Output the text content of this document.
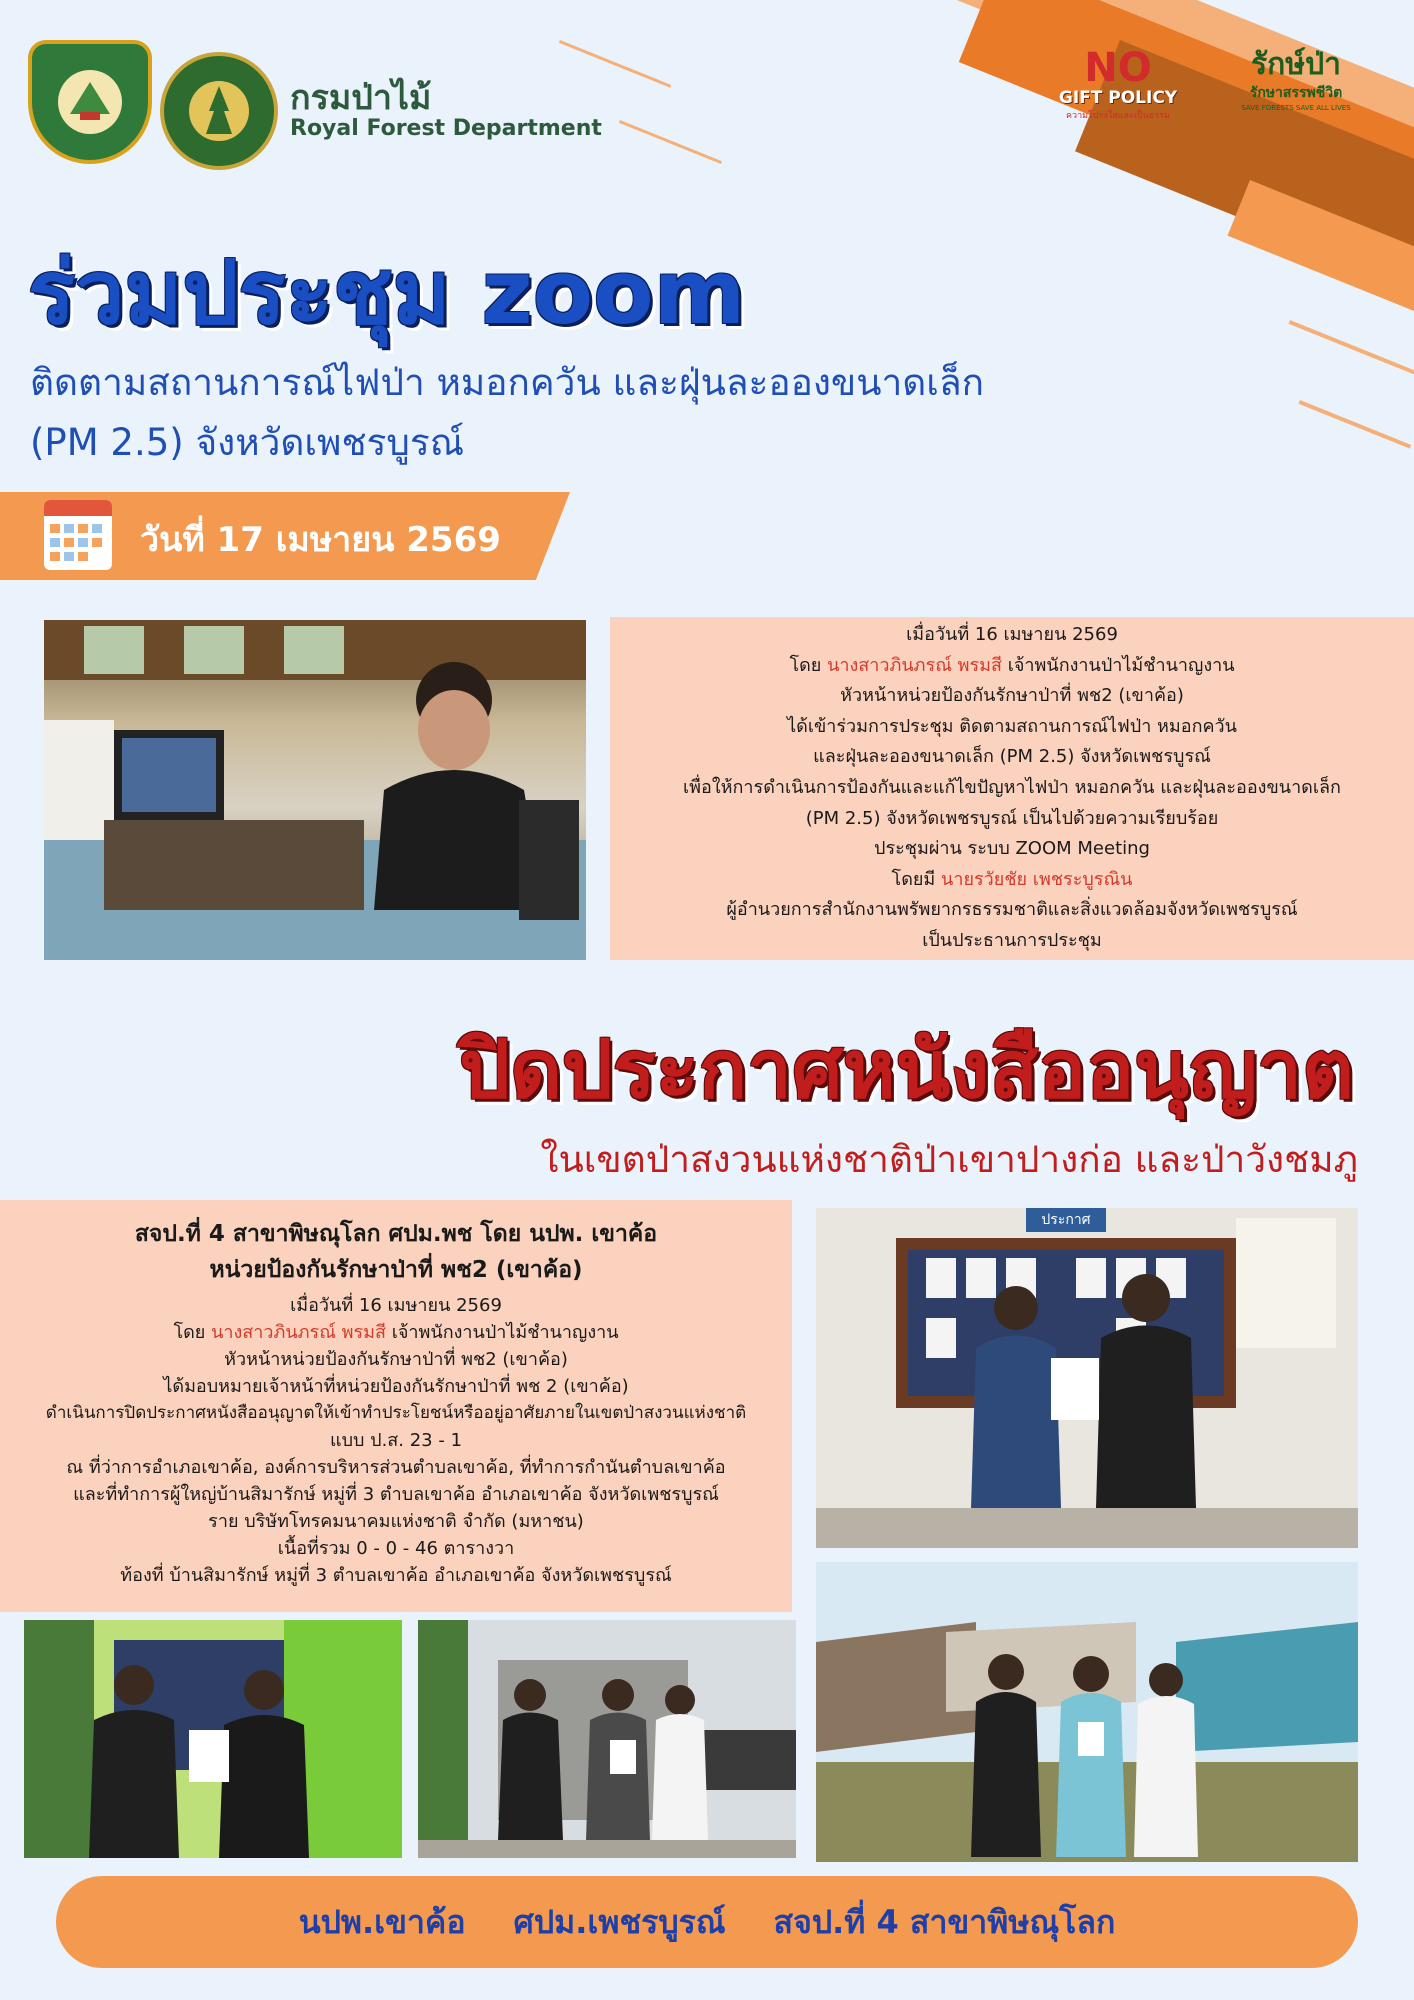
กรมป่าไม้
Royal Forest Department
NO
GIFT POLICY
ความโปร่งใสและเป็นธรรม
รักษ์ป่า
รักษาสรรพชีวิต
SAVE FORESTS SAVE ALL LIVES
ร่วมประชุม zoom
ติดตามสถานการณ์ไฟป่า หมอกควัน และฝุ่นละอองขนาดเล็ก
(PM 2.5) จังหวัดเพชรบูรณ์
วันที่ 17 เมษายน 2569
เมื่อวันที่ 16 เมษายน 2569
โดย นางสาวภินภรณ์ พรมสี เจ้าพนักงานป่าไม้ชำนาญงาน
หัวหน้าหน่วยป้องกันรักษาป่าที่ พช2 (เขาค้อ)
ได้เข้าร่วมการประชุม ติดตามสถานการณ์ไฟป่า หมอกควัน
และฝุ่นละอองขนาดเล็ก (PM 2.5) จังหวัดเพชรบูรณ์
เพื่อให้การดำเนินการป้องกันและแก้ไขปัญหาไฟป่า หมอกควัน และฝุ่นละอองขนาดเล็ก
(PM 2.5) จังหวัดเพชรบูรณ์ เป็นไปด้วยความเรียบร้อย
ประชุมผ่าน ระบบ ZOOM Meeting
โดยมี นายรวัยชัย เพชระบูรณิน
ผู้อำนวยการสำนักงานพรัพยากรธรรมชาติและสิ่งแวดล้อมจังหวัดเพชรบูรณ์
เป็นประธานการประชุม
ปิดประกาศหนังสืออนุญาต
ในเขตป่าสงวนแห่งชาติป่าเขาปางก่อ และป่าวังชมภู
สจป.ที่ 4 สาขาพิษณุโลก ศปม.พช โดย นปพ. เขาค้อ
หน่วยป้องกันรักษาป่าที่ พช2 (เขาค้อ)
เมื่อวันที่ 16 เมษายน 2569
โดย นางสาวภินภรณ์ พรมสี เจ้าพนักงานป่าไม้ชำนาญงาน
หัวหน้าหน่วยป้องกันรักษาป่าที่ พช2 (เขาค้อ)
ได้มอบหมายเจ้าหน้าที่หน่วยป้องกันรักษาป่าที่ พช 2 (เขาค้อ)
ดำเนินการปิดประกาศหนังสืออนุญาตให้เข้าทำประโยชน์หรืออยู่อาศัยภายในเขตป่าสงวนแห่งชาติ
แบบ ป.ส. 23 - 1
ณ ที่ว่าการอำเภอเขาค้อ, องค์การบริหารส่วนตำบลเขาค้อ, ที่ทำการกำนันตำบลเขาค้อ
และที่ทำการผู้ใหญ่บ้านสิมารักษ์ หมู่ที่ 3 ตำบลเขาค้อ อำเภอเขาค้อ จังหวัดเพชรบูรณ์
ราย บริษัทโทรคมนาคมแห่งชาติ จำกัด (มหาชน)
เนื้อที่รวม 0 - 0 - 46 ตารางวา
ท้องที่ บ้านสิมารักษ์ หมู่ที่ 3 ตำบลเขาค้อ อำเภอเขาค้อ จังหวัดเพชรบูรณ์
ประกาศ
นปพ.เขาค้อ ศปม.เพชรบูรณ์ สจป.ที่ 4 สาขาพิษณุโลก
